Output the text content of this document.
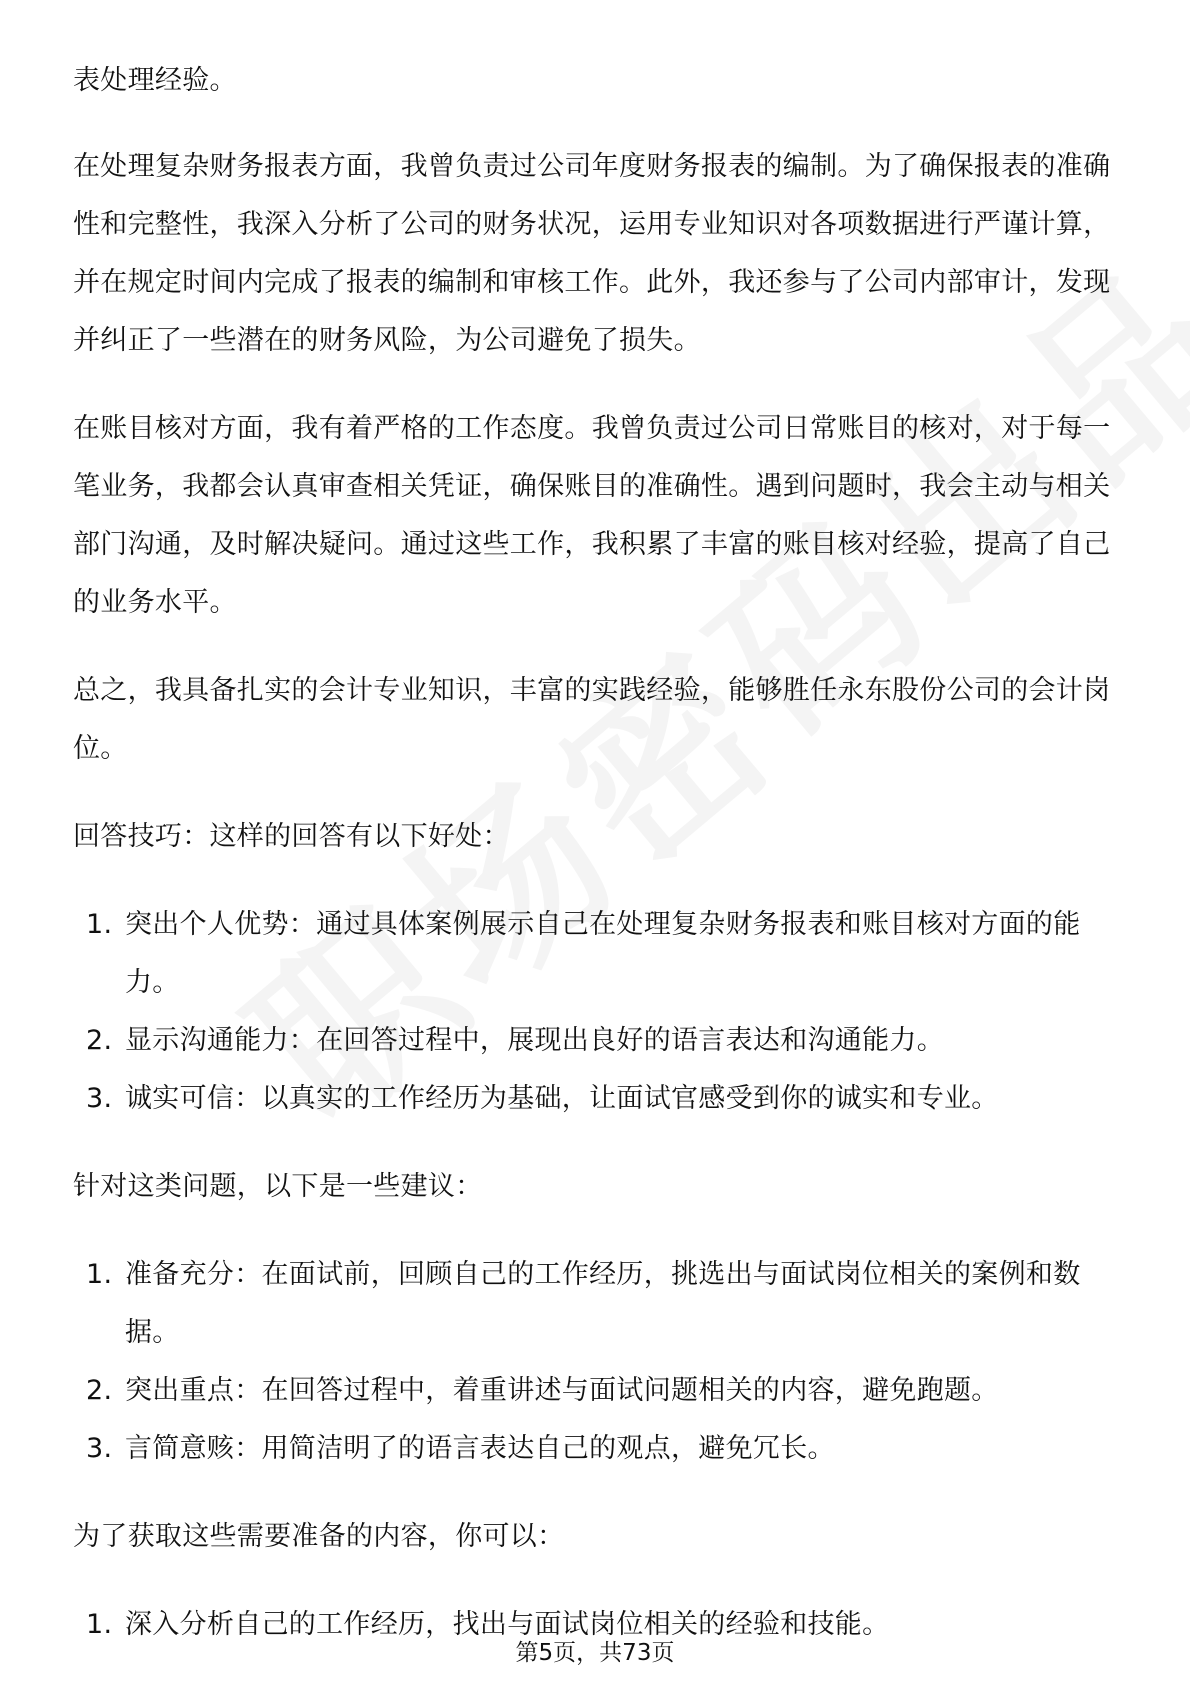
表处理经验。

在处理复杂财务报表方面，我曾负责过公司年度财务报表的编制。为了确保报表的准确性和完整性，我深入分析了公司的财务状况，运用专业知识对各项数据进行严谨计算，并在规定时间内完成了报表的编制和审核工作。此外，我还参与了公司内部审计，发现并纠正了一些潜在的财务风险，为公司避免了损失。

在账目核对方面，我有着严格的工作态度。我曾负责过公司日常账目的核对，对于每一笔业务，我都会认真审查相关凭证，确保账目的准确性。遇到问题时，我会主动与相关部门沟通，及时解决疑问。通过这些工作，我积累了丰富的账目核对经验，提高了自己的业务水平。

总之，我具备扎实的会计专业知识，丰富的实践经验，能够胜任永东股份公司的会计岗位。

回答技巧：这样的回答有以下好处：

1. 突出个人优势：通过具体案例展示自己在处理复杂财务报表和账目核对方面的能力。
2. 显示沟通能力：在回答过程中，展现出良好的语言表达和沟通能力。
3. 诚实可信：以真实的工作经历为基础，让面试官感受到你的诚实和专业。

针对这类问题，以下是一些建议：

1. 准备充分：在面试前，回顾自己的工作经历，挑选出与面试岗位相关的案例和数据。
2. 突出重点：在回答过程中，着重讲述与面试问题相关的内容，避免跑题。
3. 言简意赅：用简洁明了的语言表达自己的观点，避免冗长。

为了获取这些需要准备的内容，你可以：

1. 深入分析自己的工作经历，找出与面试岗位相关的经验和技能。
第5页，共73页
